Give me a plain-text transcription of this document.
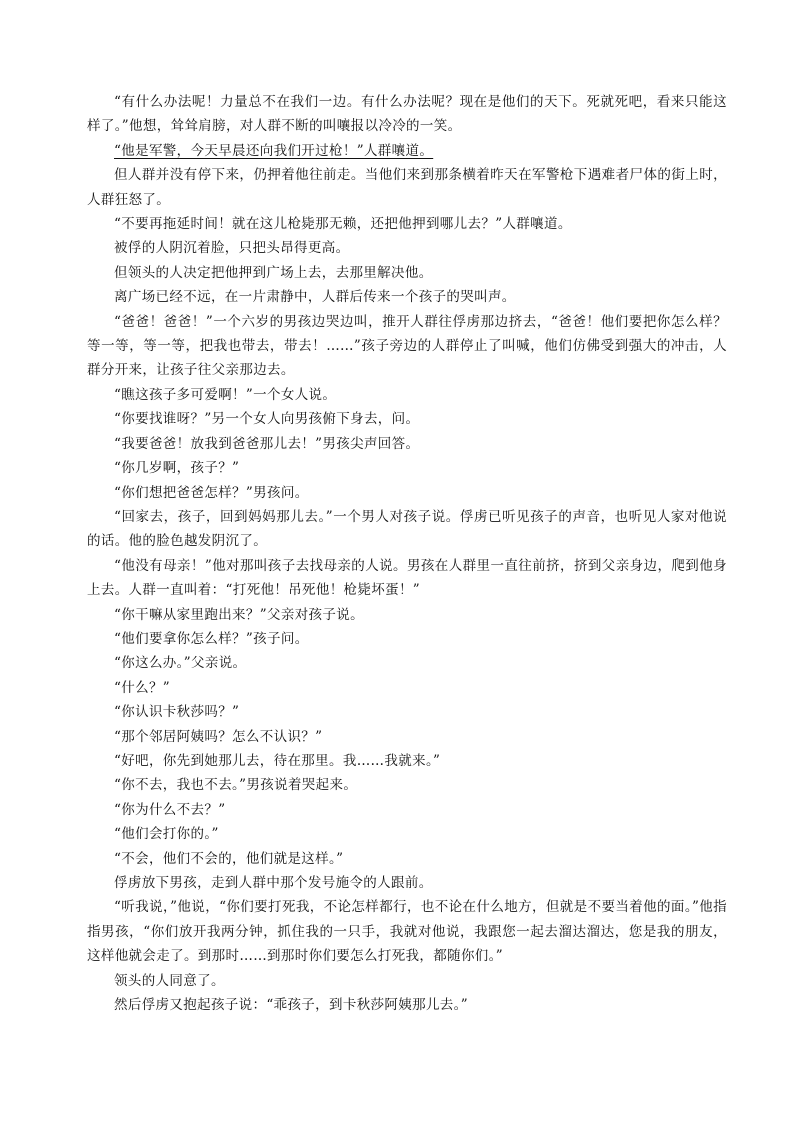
“有什么办法呢！力量总不在我们一边。有什么办法呢？现在是他们的天下。死就死吧，看来只能这样了。”他想，耸耸肩膀，对人群不断的叫嚷报以冷冷的一笑。

“他是军警，今天早晨还向我们开过枪！”人群嚷道。

但人群并没有停下来，仍押着他往前走。当他们来到那条横着昨天在军警枪下遇难者尸体的街上时，人群狂怒了。

“不要再拖延时间！就在这儿枪毙那无赖，还把他押到哪儿去？”人群嚷道。

被俘的人阴沉着脸，只把头昂得更高。

但领头的人决定把他押到广场上去，去那里解决他。

离广场已经不远，在一片肃静中，人群后传来一个孩子的哭叫声。

“爸爸！爸爸！”一个六岁的男孩边哭边叫，推开人群往俘虏那边挤去，“爸爸！他们要把你怎么样？等一等，等一等，把我也带去，带去！……”孩子旁边的人群停止了叫喊，他们仿佛受到强大的冲击，人群分开来，让孩子往父亲那边去。

“瞧这孩子多可爱啊！”一个女人说。

“你要找谁呀？”另一个女人向男孩俯下身去，问。

“我要爸爸！放我到爸爸那儿去！”男孩尖声回答。

“你几岁啊，孩子？”

“你们想把爸爸怎样？”男孩问。

“回家去，孩子，回到妈妈那儿去。”一个男人对孩子说。俘虏已听见孩子的声音，也听见人家对他说的话。他的脸色越发阴沉了。

“他没有母亲！”他对那叫孩子去找母亲的人说。男孩在人群里一直往前挤，挤到父亲身边，爬到他身上去。人群一直叫着：“打死他！吊死他！枪毙坏蛋！”

“你干嘛从家里跑出来？”父亲对孩子说。

“他们要拿你怎么样？”孩子问。

“你这么办。”父亲说。

“什么？”

“你认识卡秋莎吗？”

“那个邻居阿姨吗？怎么不认识？”

“好吧，你先到她那儿去，待在那里。我……我就来。”

“你不去，我也不去。”男孩说着哭起来。

“你为什么不去？”

“他们会打你的。”

“不会，他们不会的，他们就是这样。”

俘虏放下男孩，走到人群中那个发号施令的人跟前。

“听我说，”他说，“你们要打死我，不论怎样都行，也不论在什么地方，但就是不要当着他的面。”他指指男孩，“你们放开我两分钟，抓住我的一只手，我就对他说，我跟您一起去溜达溜达，您是我的朋友，这样他就会走了。到那时……到那时你们要怎么打死我，都随你们。”

领头的人同意了。

然后俘虏又抱起孩子说：“乖孩子，到卡秋莎阿姨那儿去。”
